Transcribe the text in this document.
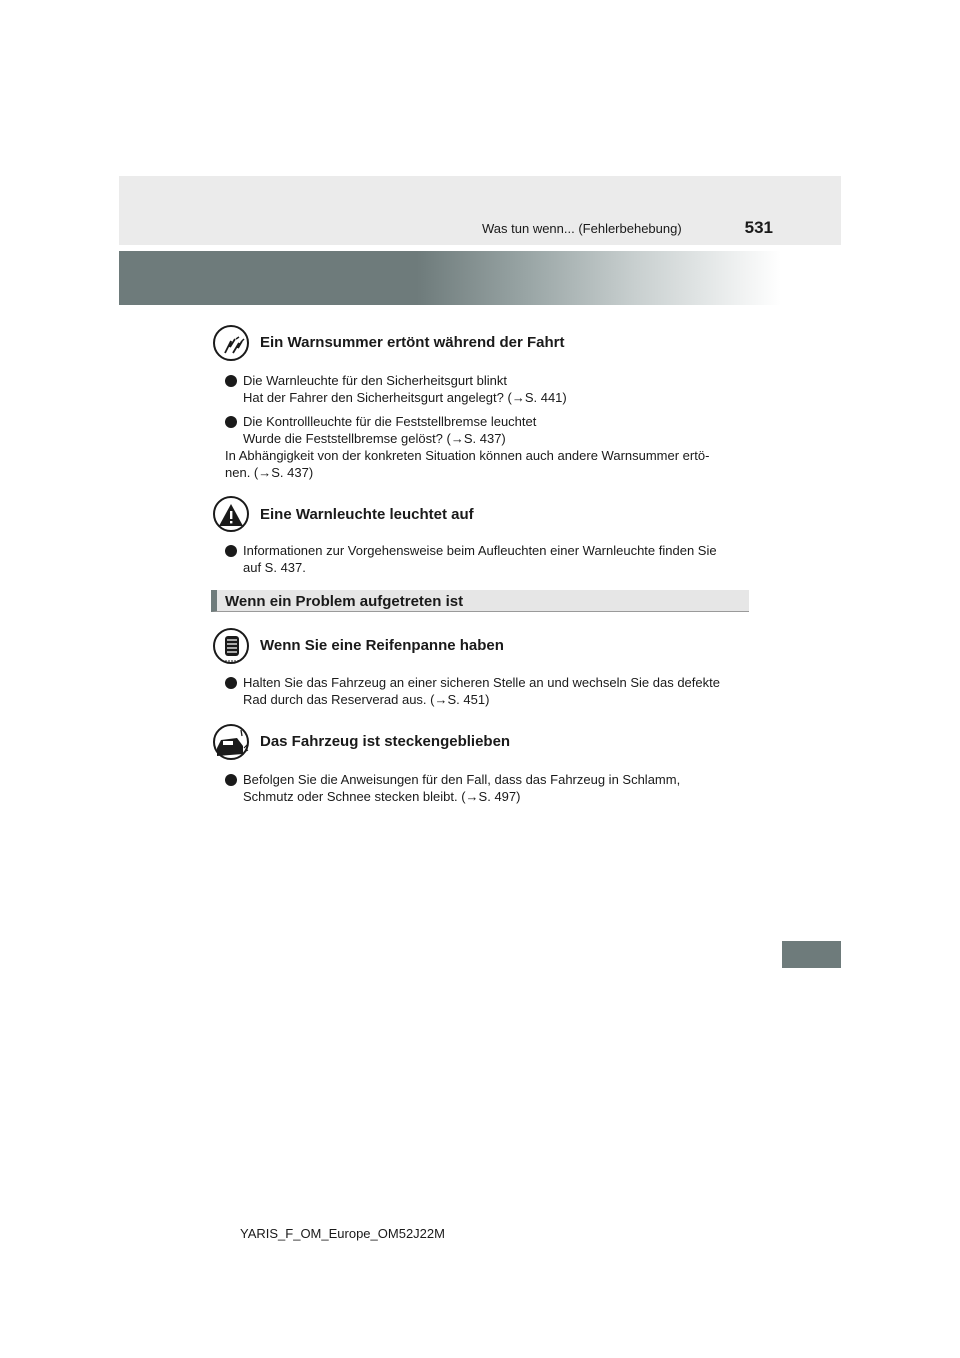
Was tun wenn... (Fehlerbehebung)	531
Ein Warnsummer ertönt während der Fahrt
Die Warnleuchte für den Sicherheitsgurt blinkt
Hat der Fahrer den Sicherheitsgurt angelegt? (→S. 441)
Die Kontrollleuchte für die Feststellbremse leuchtet
Wurde die Feststellbremse gelöst? (→S. 437)
In Abhängigkeit von der konkreten Situation können auch andere Warnsummer ertö-
nen. (→S. 437)
Eine Warnleuchte leuchtet auf
Informationen zur Vorgehensweise beim Aufleuchten einer Warnleuchte finden Sie
auf S. 437.
Wenn ein Problem aufgetreten ist
Wenn Sie eine Reifenpanne haben
Halten Sie das Fahrzeug an einer sicheren Stelle an und wechseln Sie das defekte
Rad durch das Reserverad aus. (→S. 451)
Das Fahrzeug ist steckengeblieben
Befolgen Sie die Anweisungen für den Fall, dass das Fahrzeug in Schlamm,
Schmutz oder Schnee stecken bleibt. (→S. 497)
YARIS_F_OM_Europe_OM52J22M
